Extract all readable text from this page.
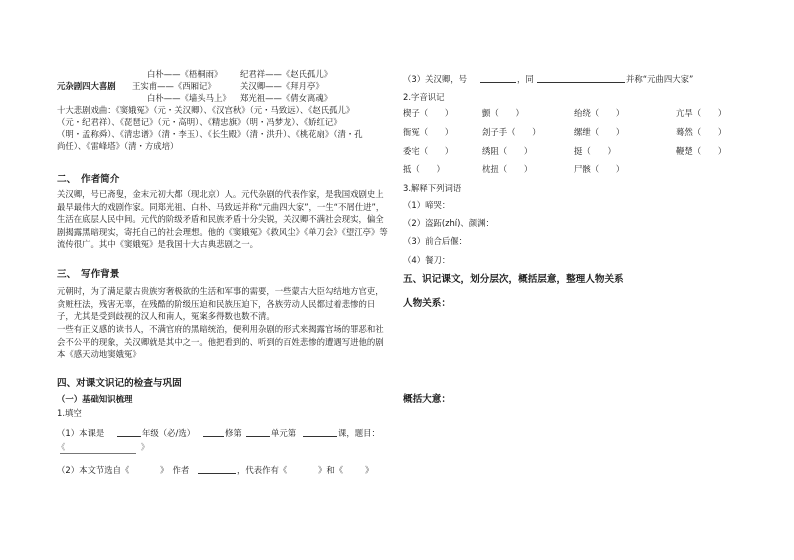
白朴——《梧桐雨》 纪君祥——《赵氏孤儿》
元杂剧四大喜剧 王实甫——《西厢记》	关汉卿——《拜月亭》
白朴——《墙头马上》 郑光祖——《倩女离魂》
十大悲剧戏曲：《窦娥冤》（元・关汉卿）、《汉宫秋》（元・马致远）、《赵氏孤儿》
（元・纪君祥）、《琵琶记》（元・高明）、《精忠旗》（明・冯梦龙）、《娇红记》
（明・孟称舜）、《清忠谱》（清・李玉）、《长生殿》（清・洪升）、《桃花扇》（清・孔
尚任）、《雷峰塔》（清・方成培）
二、　作者简介
关汉卿，号已斋叟，金末元初大都（现北京）人。元代杂剧的代表作家，是我国戏剧史上最早最伟大的戏剧作家。同郑光祖、白朴、马致远并称“元曲四大家”，一生“不屑仕进”，生活在底层人民中间。元代的阶级矛盾和民族矛盾十分尖锐，关汉卿不满社会现实，偏全剧揭露黑暗现实，寄托自己的社会理想。他的《窦娥冤》《救风尘》《单刀会》《望江亭》等流传很广。其中《窦娥冤》是我国十大古典悲剧之一。
三、　写作背景
元朝时，为了满足蒙古贵族穷奢极欲的生活和军事的需要，一些蒙古大臣勾结地方官吏，贪赃枉法，残害无辜，在残酷的阶级压迫和民族压迫下，各族劳动人民都过着悲惨的日子，尤其是受到歧视的汉人和南人，冤案多得数也数不清。
一些有正义感的读书人，不满官府的黑暗统治，便利用杂剧的形式来揭露官场的罪恶和社会不公平的现象，关汉卿就是其中之一。他把看到的、听到的百姓悲惨的遭遇写进他的剧本《感天动地窦娥冤》
四、对课文识记的检查与巩固
（一）基础知识梳理
1.填空
（1）本课是	年级（必/选）	修第	单元第	课，题目：
《　　　　　　　　　》
（2）本文节选自《	》　作者	，代表作有《	》和《	》
（3）关汉卿，号	，同	并称“元曲四大家”
2.字音识记
楔子（　　）	颤（　　）	绐绕（　　）	亢旱（　　）
衙冤（　　）	刽子手（　　）	缧绁（　　）	蓦然（　　）
委宅（　　）	绣阻（　　）	挺（　　）	鞭楚（　　）
抵（　　）	枕扭（　　）	尸骸（　　）
3.解释下列词语
（1）啼哭：
（2）盗跖(zhí)、颜渊：
（3）前合后偃：
（4）餐刀：
五、识记课文，划分层次，概括层意，整理人物关系
人物关系：
概括大意：
